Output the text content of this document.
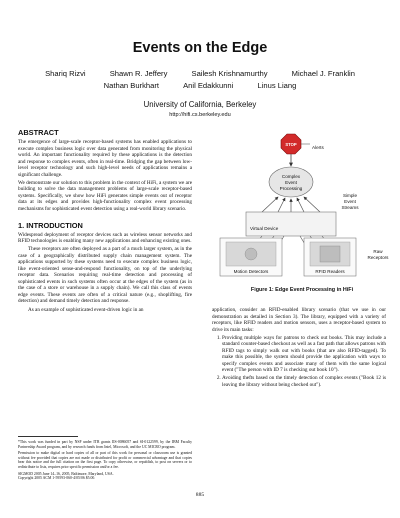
Events on the Edge
Shariq Rizvi	Shawn R. Jeffery	Sailesh Krishnamurthy	Michael J. Franklin
Nathan Burkhart	Anil Edakkunni	Linus Liang
University of California, Berkeley
http://hifi.cs.berkeley.edu
ABSTRACT

The emergence of large-scale receptor-based systems has enabled applications to execute complex business logic over data generated from monitoring the physical world. An important functionality required by these applications is the detection and response to complex events, often in real-time. Bridging the gap between low-level receptor technology and such high-level needs of applications remains a significant challenge.

We demonstrate our solution to this problem in the context of HiFi, a system we are building to solve the data management problems of large-scale receptor-based systems. Specifically, we show how HiFi generates simple events out of receptor data at its edges and provides high-functionality complex event processing mechanisms for sophisticated event detection using a real-world library scenario.

1. INTRODUCTION

Widespread deployment of receptor devices such as wireless sensor networks and RFID technologies is enabling many new applications and enhancing existing ones.

These receptors are often deployed as a part of a much larger system, as in the case of a geographically distributed supply chain management system. The applications supported by these systems need to execute complex business logic, like event-oriented sense-and-respond functionality, on top of the underlying receptor data. Scenarios requiring real-time detection and processing of sophisticated events in such systems often occur at the edges of the system (as in the case of a store or warehouse in a supply chain). We call this class of events edge events. These events are often of a critical nature (e.g., shoplifting, fire detection) and demand timely detection and response.

As an example of sophisticated event-driven logic in an

*This work was funded in part by NSF under ITR grants IIS-0086057 and SI-0122599, by the IBM Faculty Partnership Award program, and by research funds from Intel, Microsoft, and the UC MICRO program.

Permission to make digital or hard copies of all or part of this work for personal or classroom use is granted without fee provided that copies are not made or distributed for profit or commercial advantage and that copies bear this notice and the full citation on the first page. To copy otherwise, or republish, to post on servers or to redistribute to lists, requires prior specific permission and/or a fee.

SIGMOD 2005 June 14–16, 2005, Baltimore, Maryland, USA.

Copyright 2005 ACM 1-59593-060-4/05/06 $5.00.

STOP
Alerts
Complex
Event
Processing
Simple
Event
Streams
Virtual Device
Raw
Receptors
Motion Detectors	RFID Readers
Figure 1: Edge Event Processing in HiFi

application, consider an RFID-enabled library scenario (that we use in our demonstration as detailed in Section 3). The library, equipped with a variety of receptors, like RFID readers and motion sensors, uses a receptor-based system to drive its main tasks:

1. Providing multiple ways for patrons to check out books. This may include a standard counter-based checkout as well as a fast path that allows patrons with RFID tags to simply walk out with books (that are also RFID-tagged). To make this possible, the system should provide the application with ways to specify complex events and associate many of them with the same logical event ("The person with ID 7 is checking out book 10").
2. Avoiding thefts based on the timely detection of complex events ("Book 12 is leaving the library without being checked out").
885
